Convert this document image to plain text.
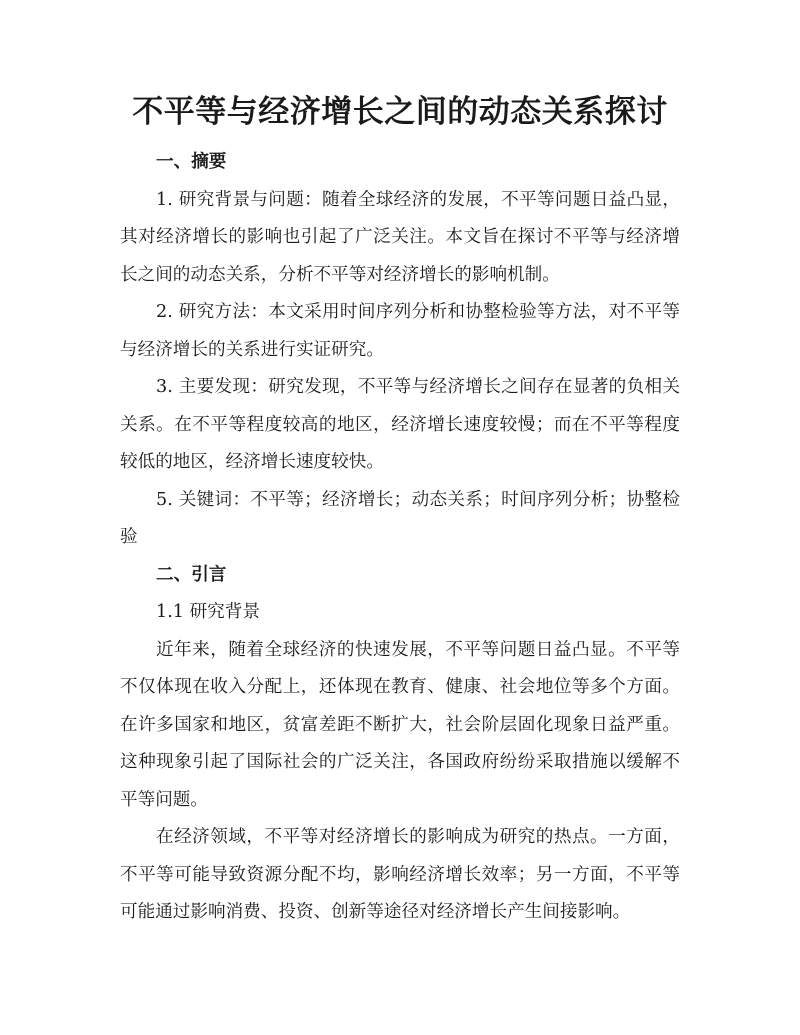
不平等与经济增长之间的动态关系探讨

一、摘要

1. 研究背景与问题：随着全球经济的发展，不平等问题日益凸显，其对经济增长的影响也引起了广泛关注。本文旨在探讨不平等与经济增长之间的动态关系，分析不平等对经济增长的影响机制。

2. 研究方法：本文采用时间序列分析和协整检验等方法，对不平等与经济增长的关系进行实证研究。

3. 主要发现：研究发现，不平等与经济增长之间存在显著的负相关关系。在不平等程度较高的地区，经济增长速度较慢；而在不平等程度较低的地区，经济增长速度较快。

5. 关键词：不平等；经济增长；动态关系；时间序列分析；协整检验

二、引言

1.1 研究背景

近年来，随着全球经济的快速发展，不平等问题日益凸显。不平等不仅体现在收入分配上，还体现在教育、健康、社会地位等多个方面。在许多国家和地区，贫富差距不断扩大，社会阶层固化现象日益严重。这种现象引起了国际社会的广泛关注，各国政府纷纷采取措施以缓解不平等问题。

在经济领域，不平等对经济增长的影响成为研究的热点。一方面，不平等可能导致资源分配不均，影响经济增长效率；另一方面，不平等可能通过影响消费、投资、创新等途径对经济增长产生间接影响。
